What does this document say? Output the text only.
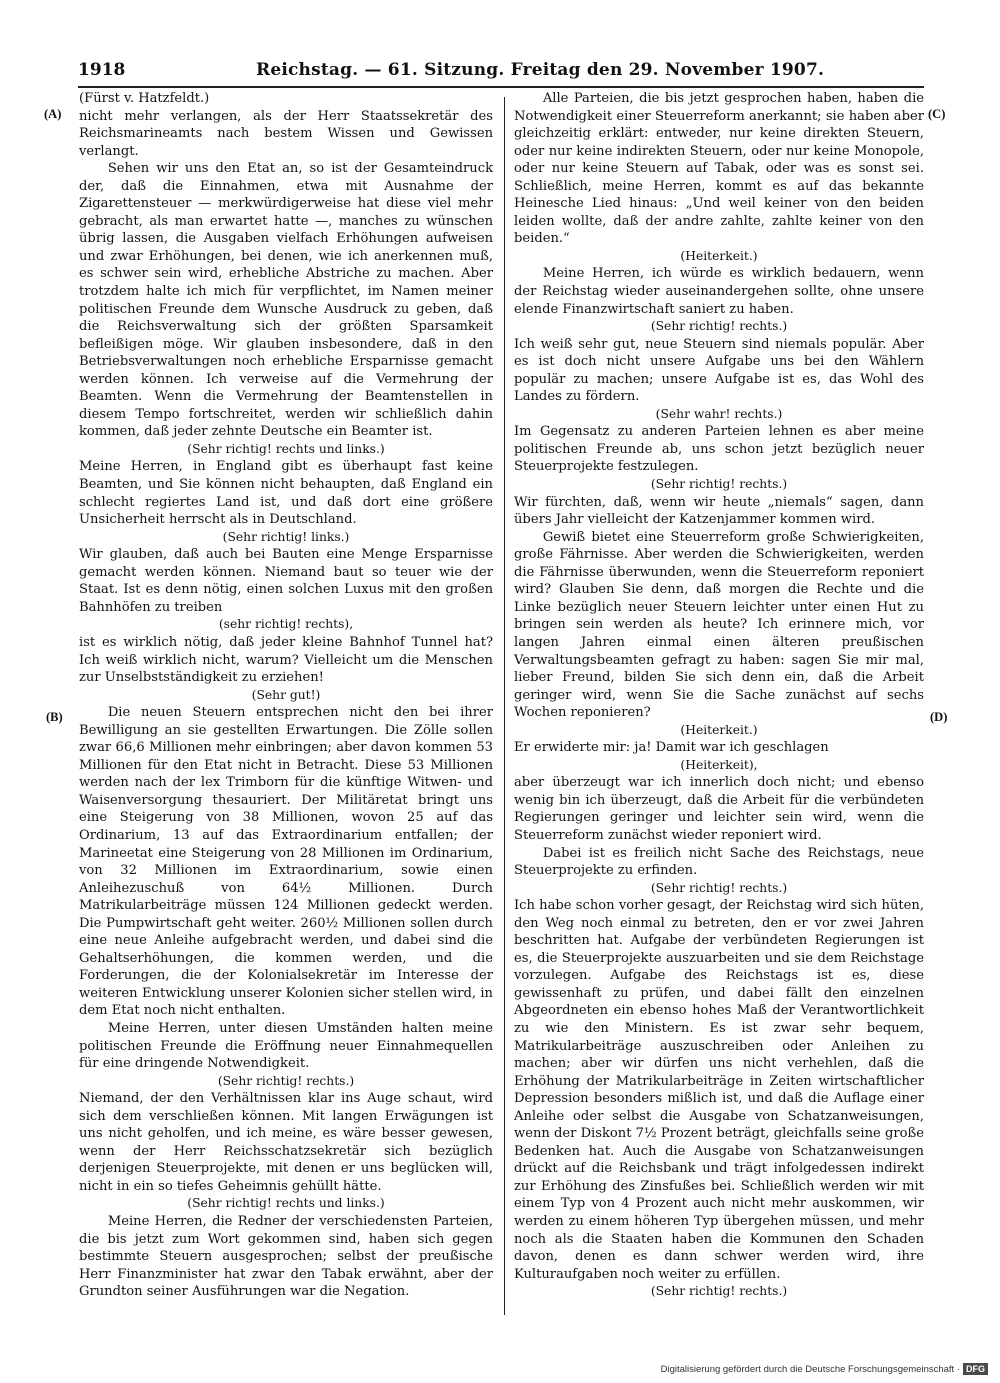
1918	Reichstag. — 61. Sitzung. Freitag den 29. November 1907.
(A)
(B)
(C)
(D)

(Fürst v. Hatzfeldt.)

nicht mehr verlangen, als der Herr Staatssekretär des Reichsmarineamts nach bestem Wissen und Gewissen verlangt.

Sehen wir uns den Etat an, so ist der Gesamteindruck der, daß die Einnahmen, etwa mit Ausnahme der Zigarettensteuer — merkwürdigerweise hat diese viel mehr gebracht, als man erwartet hatte —, manches zu wünschen übrig lassen, die Ausgaben vielfach Erhöhungen aufweisen und zwar Erhöhungen, bei denen, wie ich anerkennen muß, es schwer sein wird, erhebliche Abstriche zu machen. Aber trotzdem halte ich mich für verpflichtet, im Namen meiner politischen Freunde dem Wunsche Ausdruck zu geben, daß die Reichsverwaltung sich der größten Sparsamkeit befleißigen möge. Wir glauben insbesondere, daß in den Betriebsverwaltungen noch erhebliche Ersparnisse gemacht werden können. Ich verweise auf die Vermehrung der Beamten. Wenn die Vermehrung der Beamtenstellen in diesem Tempo fortschreitet, werden wir schließlich dahin kommen, daß jeder zehnte Deutsche ein Beamter ist.

(Sehr richtig! rechts und links.)

Meine Herren, in England gibt es überhaupt fast keine Beamten, und Sie können nicht behaupten, daß England ein schlecht regiertes Land ist, und daß dort eine größere Unsicherheit herrscht als in Deutschland.

(Sehr richtig! links.)

Wir glauben, daß auch bei Bauten eine Menge Ersparnisse gemacht werden können. Niemand baut so teuer wie der Staat. Ist es denn nötig, einen solchen Luxus mit den großen Bahnhöfen zu treiben

(sehr richtig! rechts),

ist es wirklich nötig, daß jeder kleine Bahnhof Tunnel hat? Ich weiß wirklich nicht, warum? Vielleicht um die Menschen zur Unselbstständigkeit zu erziehen!

(Sehr gut!)

Die neuen Steuern entsprechen nicht den bei ihrer Bewilligung an sie gestellten Erwartungen. Die Zölle sollen zwar 66,6 Millionen mehr einbringen; aber davon kommen 53 Millionen für den Etat nicht in Betracht. Diese 53 Millionen werden nach der lex Trimborn für die künftige Witwen- und Waisenversorgung thesauriert. Der Militäretat bringt uns eine Steigerung von 38 Millionen, wovon 25 auf das Ordinarium, 13 auf das Extraordinarium entfallen; der Marineetat eine Steigerung von 28 Millionen im Ordinarium, von 32 Millionen im Extraordinarium, sowie einen Anleihezuschuß von 64½ Millionen. Durch Matrikularbeiträge müssen 124 Millionen gedeckt werden. Die Pumpwirtschaft geht weiter. 260½ Millionen sollen durch eine neue Anleihe aufgebracht werden, und dabei sind die Gehaltserhöhungen, die kommen werden, und die Forderungen, die der Kolonialsekretär im Interesse der weiteren Entwicklung unserer Kolonien sicher stellen wird, in dem Etat noch nicht enthalten.

Meine Herren, unter diesen Umständen halten meine politischen Freunde die Eröffnung neuer Einnahmequellen für eine dringende Notwendigkeit.

(Sehr richtig! rechts.)

Niemand, der den Verhältnissen klar ins Auge schaut, wird sich dem verschließen können. Mit langen Erwägungen ist uns nicht geholfen, und ich meine, es wäre besser gewesen, wenn der Herr Reichsschatzsekretär sich bezüglich derjenigen Steuerprojekte, mit denen er uns beglücken will, nicht in ein so tiefes Geheimnis gehüllt hätte.

(Sehr richtig! rechts und links.)

Meine Herren, die Redner der verschiedensten Parteien, die bis jetzt zum Wort gekommen sind, haben sich gegen bestimmte Steuern ausgesprochen; selbst der preußische Herr Finanzminister hat zwar den Tabak erwähnt, aber der Grundton seiner Ausführungen war die Negation.

Alle Parteien, die bis jetzt gesprochen haben, haben die Notwendigkeit einer Steuerreform anerkannt; sie haben aber gleichzeitig erklärt: entweder, nur keine direkten Steuern, oder nur keine indirekten Steuern, oder nur keine Monopole, oder nur keine Steuern auf Tabak, oder was es sonst sei. Schließlich, meine Herren, kommt es auf das bekannte Heinesche Lied hinaus: „Und weil keiner von den beiden leiden wollte, daß der andre zahlte, zahlte keiner von den beiden.“

(Heiterkeit.)

Meine Herren, ich würde es wirklich bedauern, wenn der Reichstag wieder auseinandergehen sollte, ohne unsere elende Finanzwirtschaft saniert zu haben.

(Sehr richtig! rechts.)

Ich weiß sehr gut, neue Steuern sind niemals populär. Aber es ist doch nicht unsere Aufgabe uns bei den Wählern populär zu machen; unsere Aufgabe ist es, das Wohl des Landes zu fördern.

(Sehr wahr! rechts.)

Im Gegensatz zu anderen Parteien lehnen es aber meine politischen Freunde ab, uns schon jetzt bezüglich neuer Steuerprojekte festzulegen.

(Sehr richtig! rechts.)

Wir fürchten, daß, wenn wir heute „niemals“ sagen, dann übers Jahr vielleicht der Katzenjammer kommen wird.

Gewiß bietet eine Steuerreform große Schwierigkeiten, große Fährnisse. Aber werden die Schwierigkeiten, werden die Fährnisse überwunden, wenn die Steuerreform reponiert wird? Glauben Sie denn, daß morgen die Rechte und die Linke bezüglich neuer Steuern leichter unter einen Hut zu bringen sein werden als heute? Ich erinnere mich, vor langen Jahren einmal einen älteren preußischen Verwaltungsbeamten gefragt zu haben: sagen Sie mir mal, lieber Freund, bilden Sie sich denn ein, daß die Arbeit geringer wird, wenn Sie die Sache zunächst auf sechs Wochen reponieren?

(Heiterkeit.)

Er erwiderte mir: ja! Damit war ich geschlagen

(Heiterkeit),

aber überzeugt war ich innerlich doch nicht; und ebenso wenig bin ich überzeugt, daß die Arbeit für die verbündeten Regierungen geringer und leichter sein wird, wenn die Steuerreform zunächst wieder reponiert wird.

Dabei ist es freilich nicht Sache des Reichstags, neue Steuerprojekte zu erfinden.

(Sehr richtig! rechts.)

Ich habe schon vorher gesagt, der Reichstag wird sich hüten, den Weg noch einmal zu betreten, den er vor zwei Jahren beschritten hat. Aufgabe der verbündeten Regierungen ist es, die Steuerprojekte auszuarbeiten und sie dem Reichstage vorzulegen. Aufgabe des Reichstags ist es, diese gewissenhaft zu prüfen, und dabei fällt den einzelnen Abgeordneten ein ebenso hohes Maß der Verantwortlichkeit zu wie den Ministern. Es ist zwar sehr bequem, Matrikularbeiträge auszuschreiben oder Anleihen zu machen; aber wir dürfen uns nicht verhehlen, daß die Erhöhung der Matrikularbeiträge in Zeiten wirtschaftlicher Depression besonders mißlich ist, und daß die Auflage einer Anleihe oder selbst die Ausgabe von Schatzanweisungen, wenn der Diskont 7½ Prozent beträgt, gleichfalls seine große Bedenken hat. Auch die Ausgabe von Schatzanweisungen drückt auf die Reichsbank und trägt infolgedessen indirekt zur Erhöhung des Zinsfußes bei. Schließlich werden wir mit einem Typ von 4 Prozent auch nicht mehr auskommen, wir werden zu einem höheren Typ übergehen müssen, und mehr noch als die Staaten haben die Kommunen den Schaden davon, denen es dann schwer werden wird, ihre Kulturaufgaben noch weiter zu erfüllen.

(Sehr richtig! rechts.)

Digitalisierung gefördert durch die Deutsche Forschungsgemeinschaft · DFG
